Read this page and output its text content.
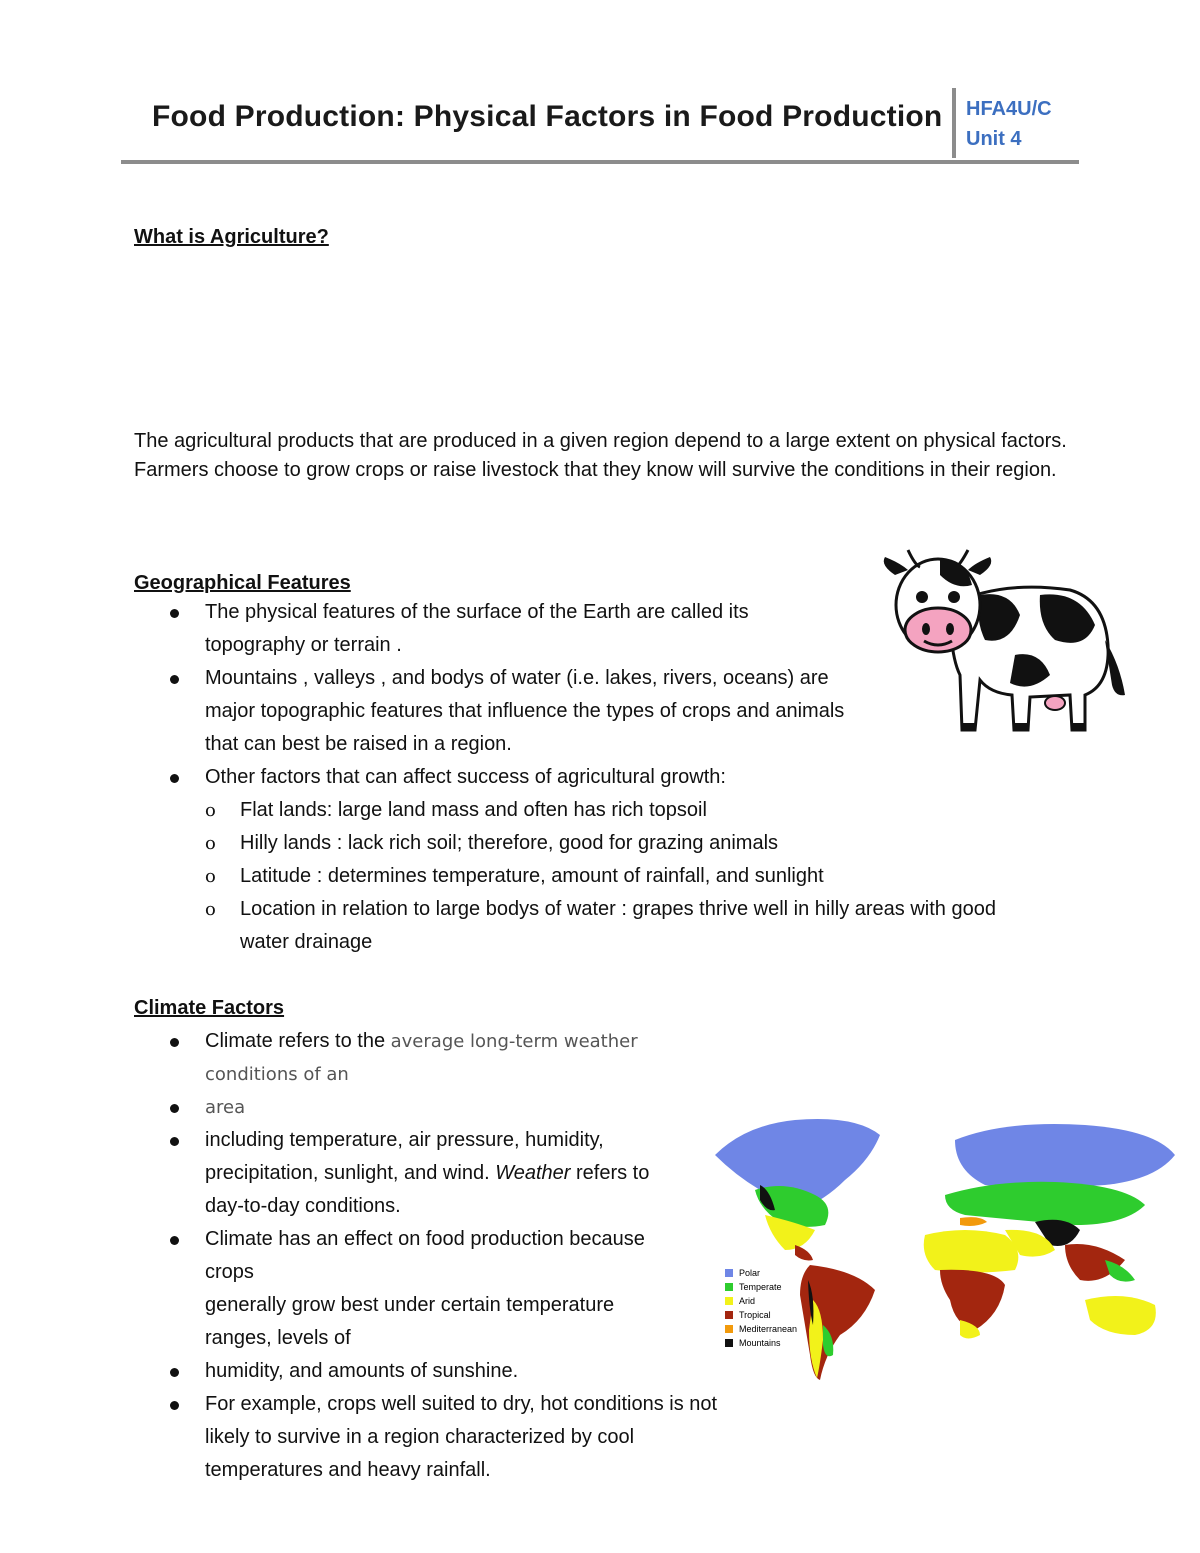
Food Production: Physical Factors in Food Production HFA4U/C
Unit 4
What is Agriculture?

The agricultural products that are produced in a given region depend to a large extent on physical factors. Farmers choose to grow crops or raise livestock that they know will survive the conditions in their region.

Geographical Features
The physical features of the surface of the Earth are called its topography or terrain .
Mountains , valleys , and bodys of water (i.e. lakes, rivers, oceans) are major topographic features that influence the types of crops and animals that can best be raised in a region.
Other factors that can affect success of agricultural growth:
o Flat lands: large land mass and often has rich topsoil
o Hilly lands : lack rich soil; therefore, good for grazing animals
o Latitude : determines temperature, amount of rainfall, and sunlight
o Location in relation to large bodys of water : grapes thrive well in hilly areas with good water drainage
Climate Factors
Climate refers to the average long-term weather conditions of an
area
including temperature, air pressure, humidity, precipitation, sunlight, and wind. Weather refers to day-to-day conditions.
Climate has an effect on food production because crops
generally grow best under certain temperature ranges, levels of
humidity, and amounts of sunshine.
For example, crops well suited to dry, hot conditions is not likely to survive in a region characterized by cool temperatures and heavy rainfall.
Polar
Temperate
Arid
Tropical
Mediterranean
Mountains
